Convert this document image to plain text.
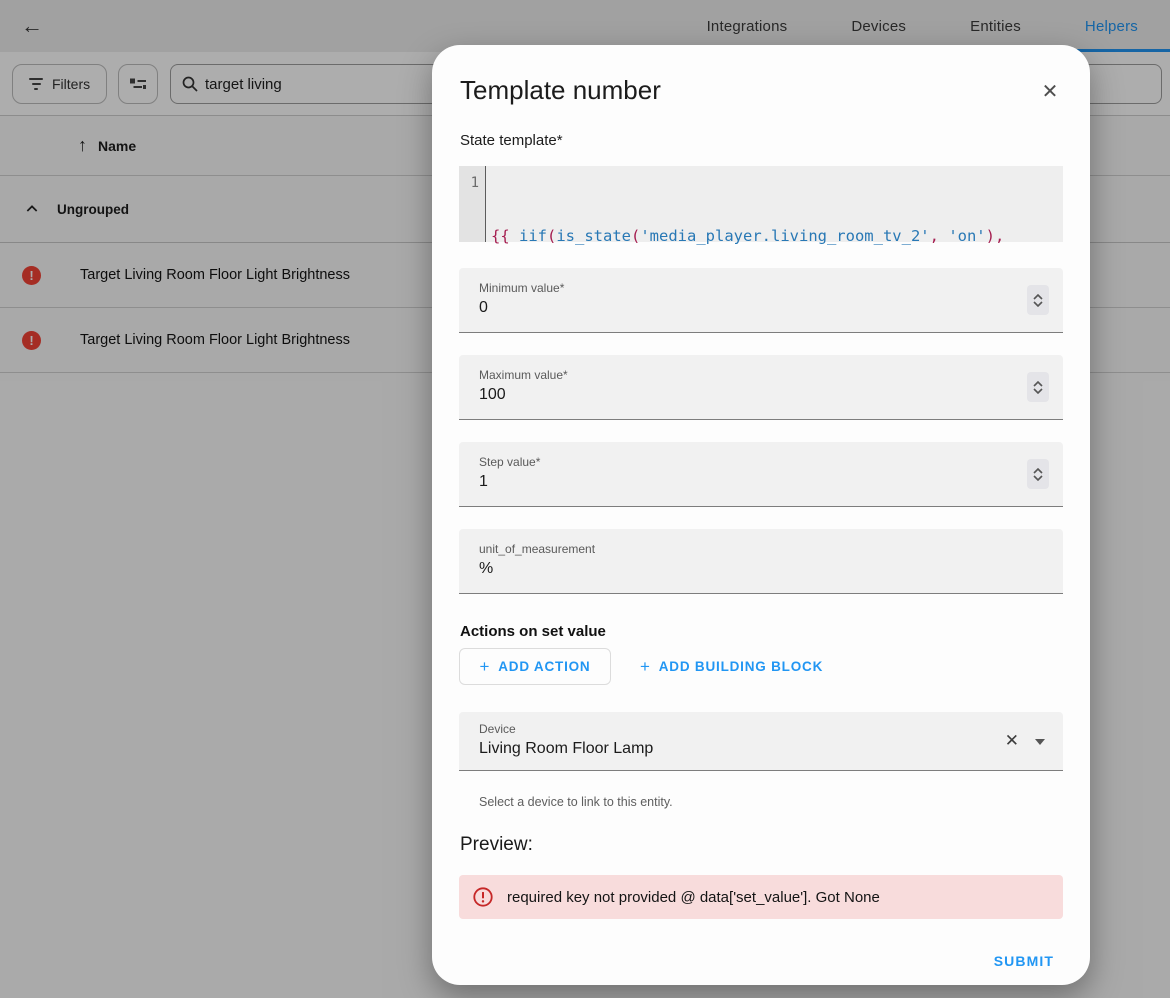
←	Integrations	Devices	Entities	Helpers
Filters	target living
↑ Name
Ungrouped
!	Target Living Room Floor Light Brightness
!	Target Living Room Floor Light Brightness
Template number	✕
State template*
1

{{ iif(is_state('media_player.living_room_tv_2', 'on'),

Minimum value*
0
Maximum value*
100
Step value*
1
unit_of_measurement
%
Actions on set value
+ ADD ACTION	+ ADD BUILDING BLOCK
Device
Living Room Floor Lamp	✕
Select a device to link to this entity.
Preview:
required key not provided @ data['set_value']. Got None
SUBMIT
